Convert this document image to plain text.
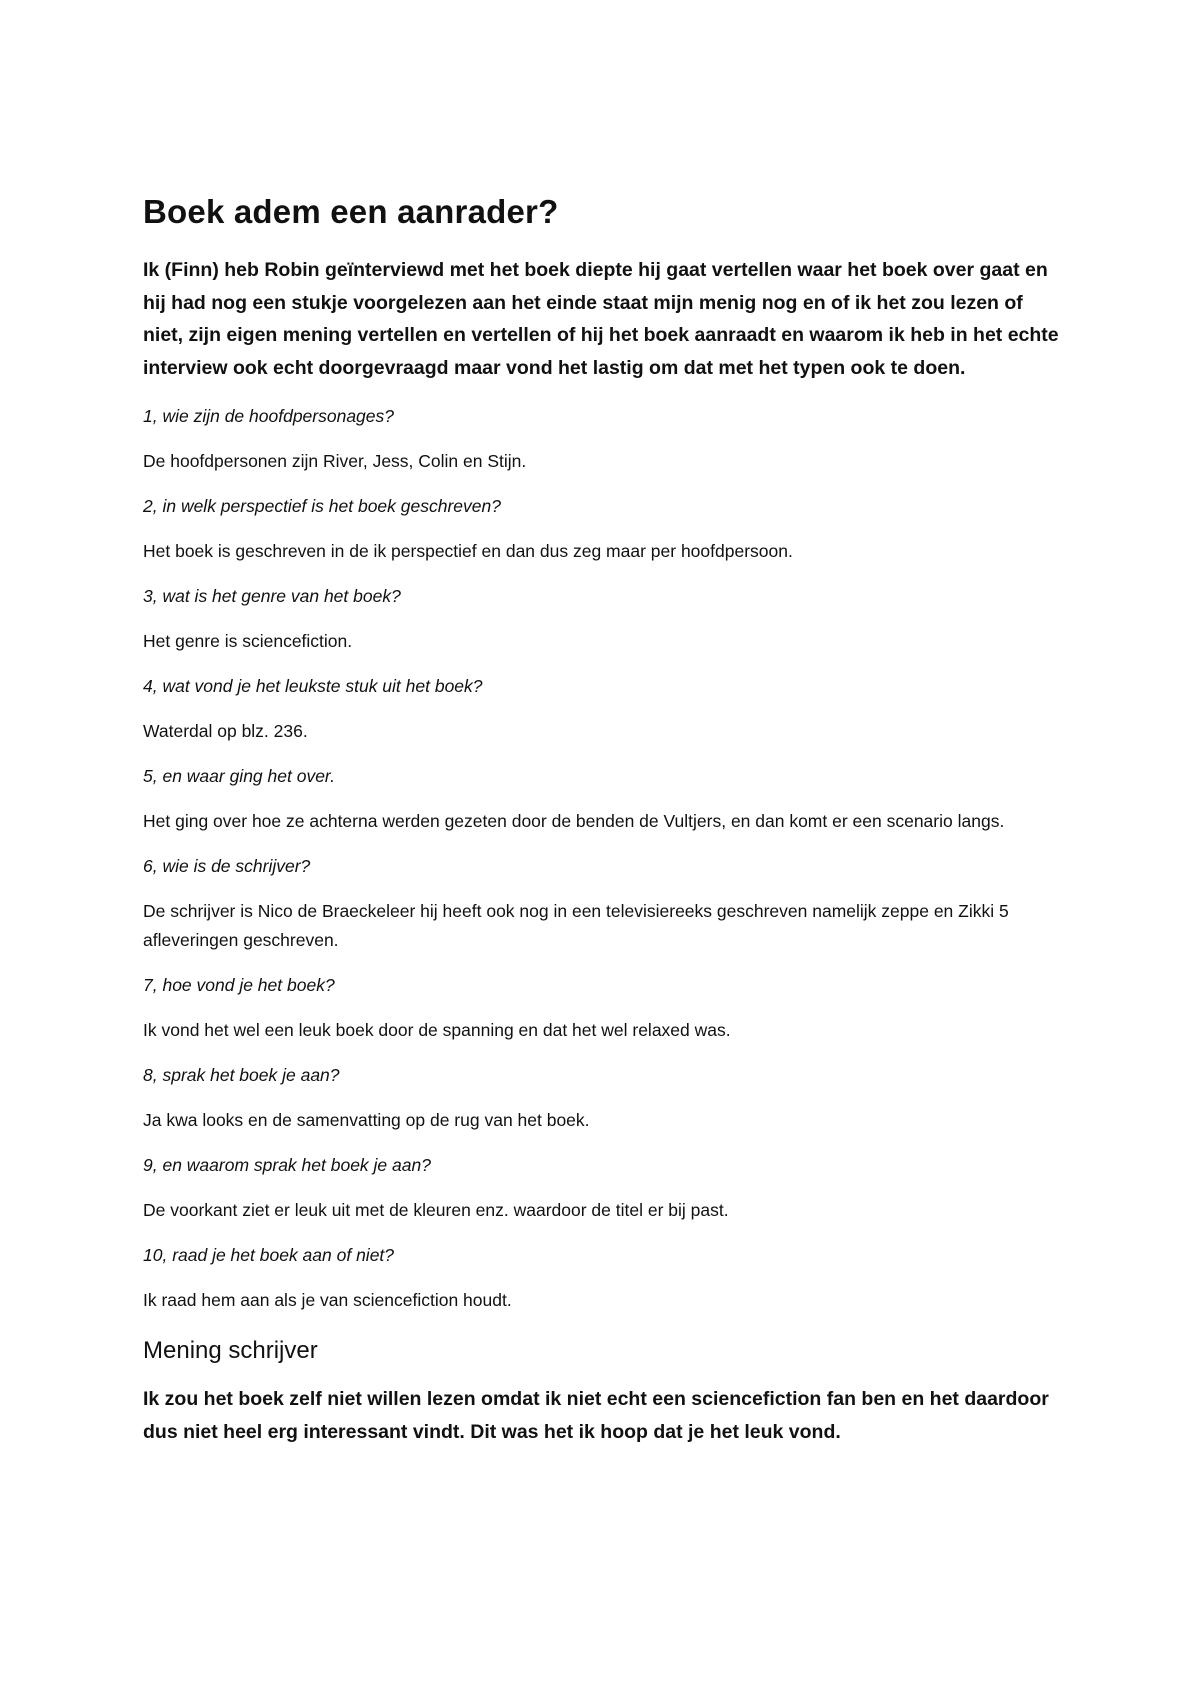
Boek adem een aanrader?

Ik (Finn) heb Robin geïnterviewd met het boek diepte hij gaat vertellen waar het boek over gaat en hij had nog een stukje voorgelezen aan het einde staat mijn menig nog en of ik het zou lezen of niet, zijn eigen mening vertellen en vertellen of hij het boek aanraadt en waarom ik heb in het echte interview ook echt doorgevraagd maar vond het lastig om dat met het typen ook te doen.

1, wie zijn de hoofdpersonages?

De hoofdpersonen zijn River, Jess, Colin en Stijn.

2, in welk perspectief is het boek geschreven?

Het boek is geschreven in de ik perspectief en dan dus zeg maar per hoofdpersoon.

3, wat is het genre van het boek?

Het genre is sciencefiction.

4, wat vond je het leukste stuk uit het boek?

Waterdal op blz. 236.

5, en waar ging het over.

Het ging over hoe ze achterna werden gezeten door de benden de Vultjers, en dan komt er een scenario langs.

6, wie is de schrijver?

De schrijver is Nico de Braeckeleer hij heeft ook nog in een televisiereeks geschreven namelijk zeppe en Zikki 5 afleveringen geschreven.

7, hoe vond je het boek?

Ik vond het wel een leuk boek door de spanning en dat het wel relaxed was.

8, sprak het boek je aan?

Ja kwa looks en de samenvatting op de rug van het boek.

9, en waarom sprak het boek je aan?

De voorkant ziet er leuk uit met de kleuren enz. waardoor de titel er bij past.

10, raad je het boek aan of niet?

Ik raad hem aan als je van sciencefiction houdt.

Mening schrijver

Ik zou het boek zelf niet willen lezen omdat ik niet echt een sciencefiction fan ben en het daardoor dus niet heel erg interessant vindt. Dit was het ik hoop dat je het leuk vond.
